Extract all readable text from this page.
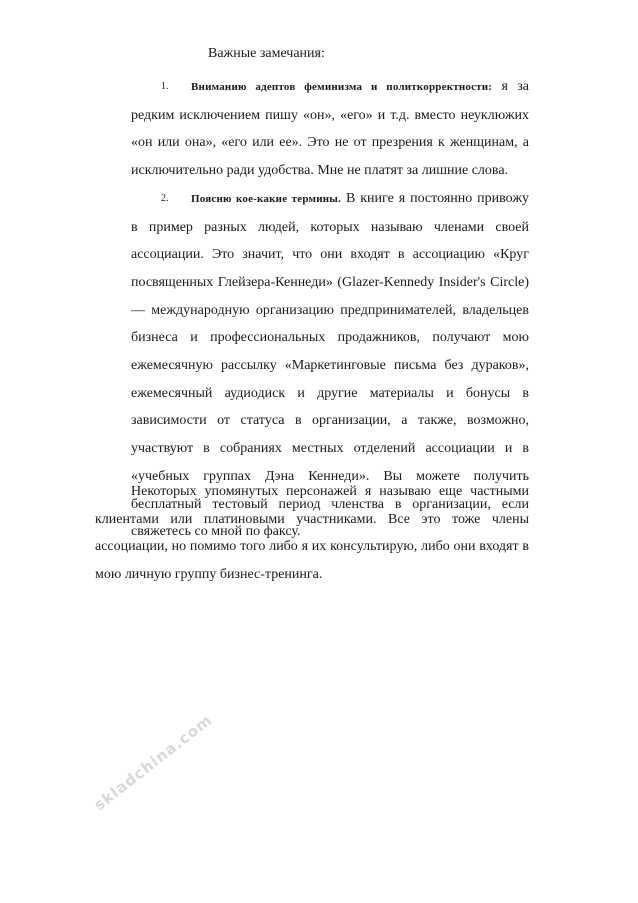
Важные замечания:

1. Вниманию адептов феминизма и политкорректности: я за редким исключением пишу «он», «его» и т.д. вместо неуклюжих «он или она», «его или ее». Это не от презрения к женщинам, а исключительно ради удобства. Мне не платят за лишние слова.

2. Поясню кое-какие термины. В книге я постоянно привожу в пример разных людей, которых называю членами своей ассоциации. Это значит, что они входят в ассоциацию «Круг посвященных Глейзера-Кеннеди» (Glazer-Kennedy Insider's Circle) — международную организацию предпринимателей, владельцев бизнеса и профессиональных продажников, получают мою ежемесячную рассылку «Маркетинговые письма без дураков», ежемесячный аудиодиск и другие материалы и бонусы в зависимости от статуса в организации, а также, возможно, участвуют в собраниях местных отделений ассоциации и в «учебных группах Дэна Кеннеди». Вы можете получить бесплатный тестовый период членства в организации, если свяжетесь со мной по факсу.

Некоторых упомянутых персонажей я называю еще частными клиентами или платиновыми участниками. Все это тоже члены ассоциации, но помимо того либо я их консультирую, либо они входят в мою личную группу бизнес-тренинга.

skladchina.com
